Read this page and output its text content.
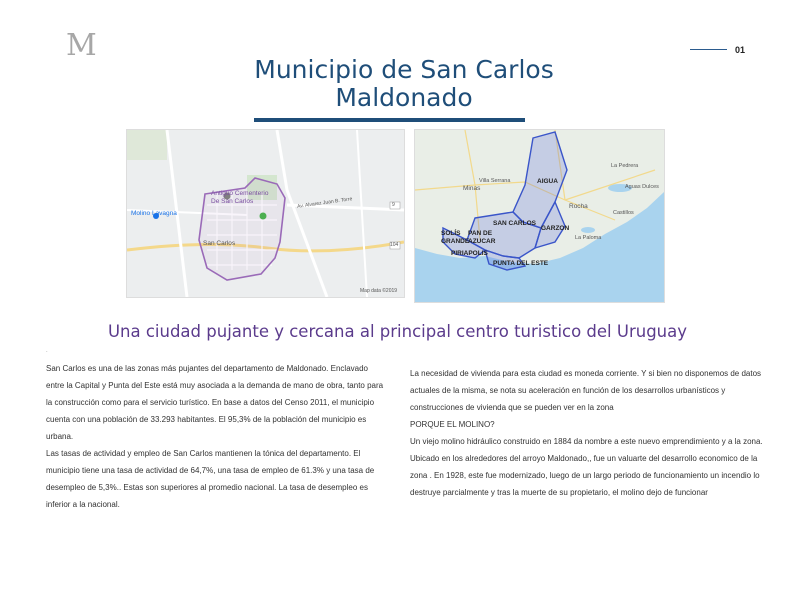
M	01
Municipio de San Carlos
Maldonado
Antiguo Cementerio
De San Carlos
Molino Lavagna
San Carlos
Av. Alvarez Juan B. Torre	9
104
Map data ©2019
Minas
Villa Serrana	AIGUA
Rocha
SAN CARLOS
GARZON
SOLÍS
GRANDE
PAN DE
AZUCAR
PIRIAPOLIS
PUNTA DEL ESTE
La Pedrera
Aguas Dulces
La Paloma
Castillos
Una ciudad pujante y cercana al principal centro turistico del Uruguay
.

San Carlos es una de las zonas más pujantes del departamento de Maldonado. Enclavado entre la Capital y Punta del Este está muy asociada a la demanda de mano de obra, tanto para la construcción como para el servicio turístico. En base a datos del Censo 2011, el municipio cuenta con una población de 33.293 habitantes. El 95,3% de la población del municipio es urbana.

Las tasas de actividad y empleo de San Carlos mantienen la tónica del departamento. El municipio tiene una tasa de actividad de 64,7%, una tasa de empleo de 61.3% y una tasa de desempleo de 5,3%.. Estas son superiores al promedio nacional. La tasa de desempleo es inferior a la nacional.

La necesidad de vivienda para esta ciudad es moneda corriente. Y si bien no disponemos de datos actuales de la misma, se nota su aceleración en función de los desarrollos urbanísticos y construcciones de vivienda que se pueden ver en la zona

PORQUE EL MOLINO?

Un viejo molino hidráulico construido en 1884 da nombre a este nuevo emprendimiento y a la zona. Ubicado en los alrededores del arroyo Maldonado,, fue un valuarte del desarrollo economico de la zona . En 1928, este fue modernizado, luego de un largo periodo de funcionamiento un incendio lo destruye parcialmente y tras la muerte de su propietario, el molino dejo de funcionar
